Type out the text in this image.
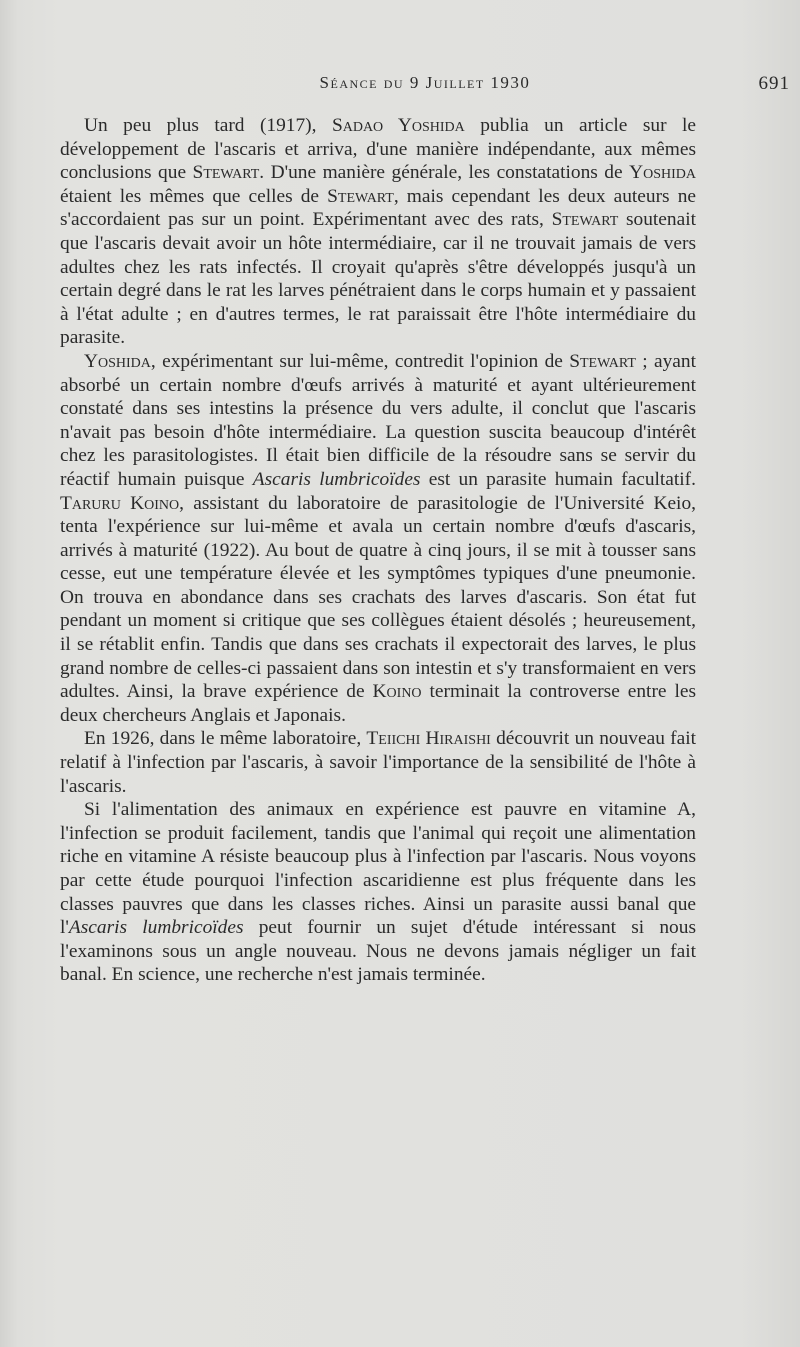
Séance du 9 Juillet 1930	691

Un peu plus tard (1917), Sadao Yoshida publia un article sur le développement de l'ascaris et arriva, d'une manière indépendante, aux mêmes conclusions que Stewart. D'une manière générale, les constatations de Yoshida étaient les mêmes que celles de Stewart, mais cependant les deux auteurs ne s'accordaient pas sur un point. Expérimentant avec des rats, Stewart soutenait que l'ascaris devait avoir un hôte intermédiaire, car il ne trouvait jamais de vers adultes chez les rats infectés. Il croyait qu'après s'être développés jusqu'à un certain degré dans le rat les larves pénétraient dans le corps humain et y passaient à l'état adulte ; en d'autres termes, le rat paraissait être l'hôte intermédiaire du parasite.

Yoshida, expérimentant sur lui-même, contredit l'opinion de Stewart ; ayant absorbé un certain nombre d'œufs arrivés à maturité et ayant ultérieurement constaté dans ses intestins la présence du vers adulte, il conclut que l'ascaris n'avait pas besoin d'hôte intermédiaire. La question suscita beaucoup d'intérêt chez les parasitologistes. Il était bien difficile de la résoudre sans se servir du réactif humain puisque Ascaris lumbricoïdes est un parasite humain facultatif. Taruru Koino, assistant du laboratoire de parasitologie de l'Université Keio, tenta l'expérience sur lui-même et avala un certain nombre d'œufs d'ascaris, arrivés à maturité (1922). Au bout de quatre à cinq jours, il se mit à tousser sans cesse, eut une température élevée et les symptômes typiques d'une pneumonie. On trouva en abondance dans ses crachats des larves d'ascaris. Son état fut pendant un moment si critique que ses collègues étaient désolés ; heureusement, il se rétablit enfin. Tandis que dans ses crachats il expectorait des larves, le plus grand nombre de celles-ci passaient dans son intestin et s'y transformaient en vers adultes. Ainsi, la brave expérience de Koino terminait la controverse entre les deux chercheurs Anglais et Japonais.

En 1926, dans le même laboratoire, Teiichi Hiraishi découvrit un nouveau fait relatif à l'infection par l'ascaris, à savoir l'importance de la sensibilité de l'hôte à l'ascaris.

Si l'alimentation des animaux en expérience est pauvre en vitamine A, l'infection se produit facilement, tandis que l'animal qui reçoit une alimentation riche en vitamine A résiste beaucoup plus à l'infection par l'ascaris. Nous voyons par cette étude pourquoi l'infection ascaridienne est plus fréquente dans les classes pauvres que dans les classes riches. Ainsi un parasite aussi banal que l'Ascaris lumbricoïdes peut fournir un sujet d'étude intéressant si nous l'examinons sous un angle nouveau. Nous ne devons jamais négliger un fait banal. En science, une recherche n'est jamais terminée.
